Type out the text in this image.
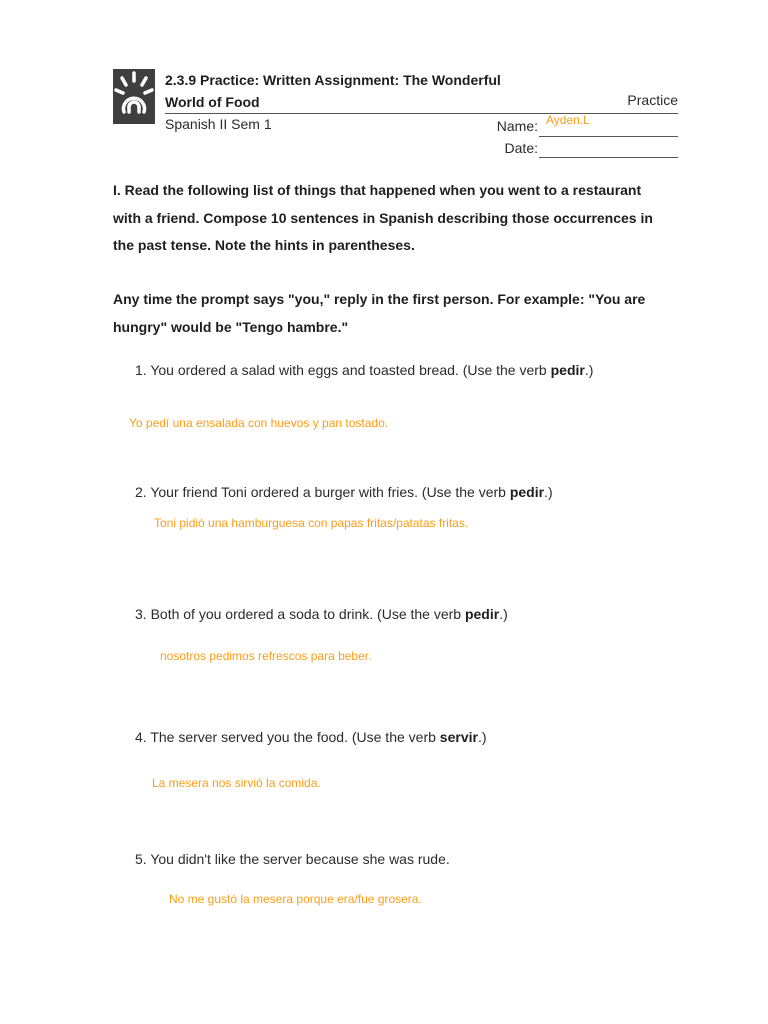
2.3.9 Practice: Written Assignment: The Wonderful
World of Food	Practice
Spanish II Sem 1	Name: Ayden.L
Date:

I. Read the following list of things that happened when you went to a restaurant with a friend. Compose 10 sentences in Spanish describing those occurrences in the past tense. Note the hints in parentheses.

Any time the prompt says "you," reply in the first person. For example: "You are hungry" would be "Tengo hambre."

1. You ordered a salad with eggs and toasted bread. (Use the verb pedir.)

Yo pedí una ensalada con huevos y pan tostado.

2. Your friend Toni ordered a burger with fries. (Use the verb pedir.)

Toni pidió una hamburguesa con papas fritas/patatas fritas.

3. Both of you ordered a soda to drink. (Use the verb pedir.)

nosotros pedimos refrescos para beber.

4. The server served you the food. (Use the verb servir.)

La mesera nos sirvió la comida.

5. You didn't like the server because she was rude.

No me gustó la mesera porque era/fue grosera.
